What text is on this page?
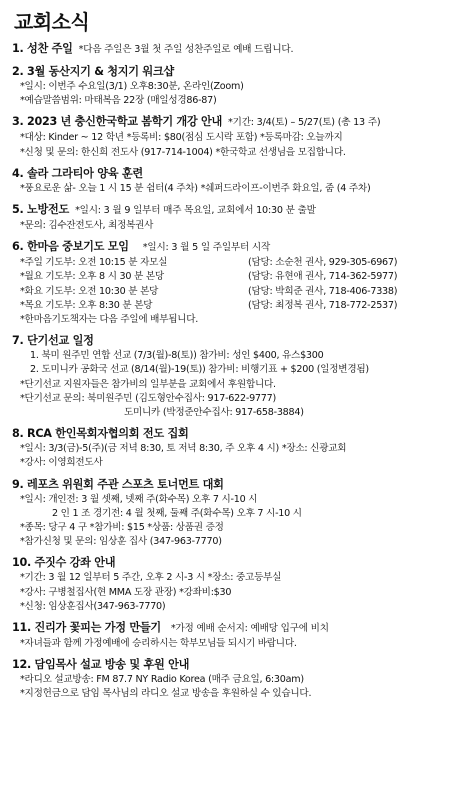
교회소식
1. 성찬 주일 *다음 주일은 3월 첫 주일 성찬주일로 예배 드립니다.
2. 3월 동산지기 & 청지기 워크샵
*일시: 이번주 수요일(3/1) 오후8:30분, 온라인(Zoom)
*예습말씀범위: 마태복음 22장 (매일성경86-87)
3. 2023 년 충신한국학교 봄학기 개강 안내 *기간: 3/4(토) – 5/27(토) (총 13 주)
*대상: Kinder ~ 12 학년 *등록비: $80(점심 도시락 포함) *등록마감: 오늘까지
*신청 및 문의: 한신희 전도사 (917-714-1004) *한국학교 선생님을 모집합니다.
4. 솔라 그라티아 양육 훈련
*풍요로운 삶- 오늘 1 시 15 분 쉼터(4 주차) *쉐퍼드라이프-이번주 화요일, 줌 (4 주차)
5. 노방전도 *일시: 3 월 9 일부터 매주 목요일, 교회에서 10:30 분 출발
*문의: 김수잔전도사, 최정복권사
6. 한마음 중보기도 모임 *일시: 3 월 5 일 주일부터 시작
*주일 기도부: 오전 10:15 분 자모실	(담당: 소순천 권사, 929-305-6967)
*월요 기도부: 오후 8 시 30 분 본당	(담당: 유현애 권사, 714-362-5977)
*화요 기도부: 오전 10:30 분 본당	(담당: 박희준 권사, 718-406-7338)
*목요 기도부: 오후 8:30 분 본당	(담당: 최정복 권사, 718-772-2537)
*한마음기도책자는 다음 주일에 배부됩니다.
7. 단기선교 일정
1. 북미 원주민 연합 선교 (7/3(월)-8(토)) 참가비: 성인 $400, 유스$300
2. 도미니카 공화국 선교 (8/14(월)-19(토)) 참가비: 비행기표 + $200 (일정변경됨)
*단기선교 지원자들은 참가비의 일부분을 교회에서 후원합니다.
*단기선교 문의: 북미원주민 (김도형안수집사: 917-622-9777)
도미니카 (박정준안수집사: 917-658-3884)
8. RCA 한인목회자협의회 전도 집회
*일시: 3/3(금)-5(주)(금 저녁 8:30, 토 저녁 8:30, 주 오후 4 시) *장소: 신광교회
*강사: 이영희전도사
9. 레포츠 위원회 주관 스포츠 토너먼트 대회
*일시: 개인전: 3 월 셋째, 넷째 주(화수목) 오후 7 시-10 시
2 인 1 조 경기전: 4 월 첫째, 둘째 주(화수목) 오후 7 시-10 시
*종목: 당구 4 구 *참가비: $15 *상품: 상품권 증정
*참가신청 및 문의: 임상훈 집사 (347-963-7770)
10. 주짓수 강좌 안내
*기간: 3 월 12 일부터 5 주간, 오후 2 시-3 시 *장소: 중고등부실
*강사: 구병철집사(현 MMA 도장 관장) *강좌비:$30
*신청: 임상훈집사(347-963-7770)
11. 진리가 꽃피는 가정 만들기 *가정 예배 순서지: 예배당 입구에 비치
*자녀들과 함께 가정예배에 승리하시는 학부모님들 되시기 바랍니다.
12. 담임목사 설교 방송 및 후원 안내
*라디오 설교방송: FM 87.7 NY Radio Korea (매주 금요일, 6:30am)
*지정헌금으로 담임 목사님의 라디오 설교 방송을 후원하실 수 있습니다.
